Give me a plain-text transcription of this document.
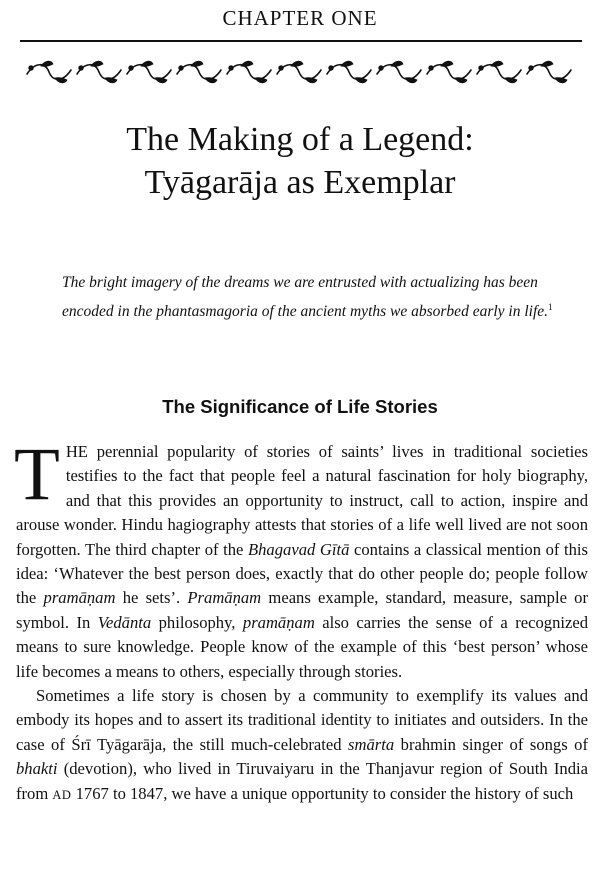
CHAPTER ONE
The Making of a Legend:
Tyāgarāja as Exemplar

The bright imagery of the dreams we are entrusted with actualizing has been encoded in the phantasmagoria of the ancient myths we absorbed early in life.$^1$

The Significance of Life Stories

THE perennial popularity of stories of saints’ lives in traditional societies testifies to the fact that people feel a natural fascination for holy biography, and that this provides an opportunity to instruct, call to action, inspire and arouse wonder. Hindu hagiography attests that stories of a life well lived are not soon forgotten. The third chapter of the Bhagavad Gītā contains a classical mention of this idea: ‘Whatever the best person does, exactly that do other people do; people follow the pramāṇam he sets’. Pramāṇam means example, standard, measure, sample or symbol. In Vedānta philosophy, pramāṇam also carries the sense of a recognized means to sure knowledge. People know of the example of this ‘best person’ whose life becomes a means to others, especially through stories.

Sometimes a life story is chosen by a community to exemplify its values and embody its hopes and to assert its traditional identity to initiates and outsiders. In the case of Śrī Tyāgarāja, the still much-celebrated smārta brahmin singer of songs of bhakti (devotion), who lived in Tiruvaiyaru in the Thanjavur region of South India from AD 1767 to 1847, we have a unique opportunity to consider the history of such
